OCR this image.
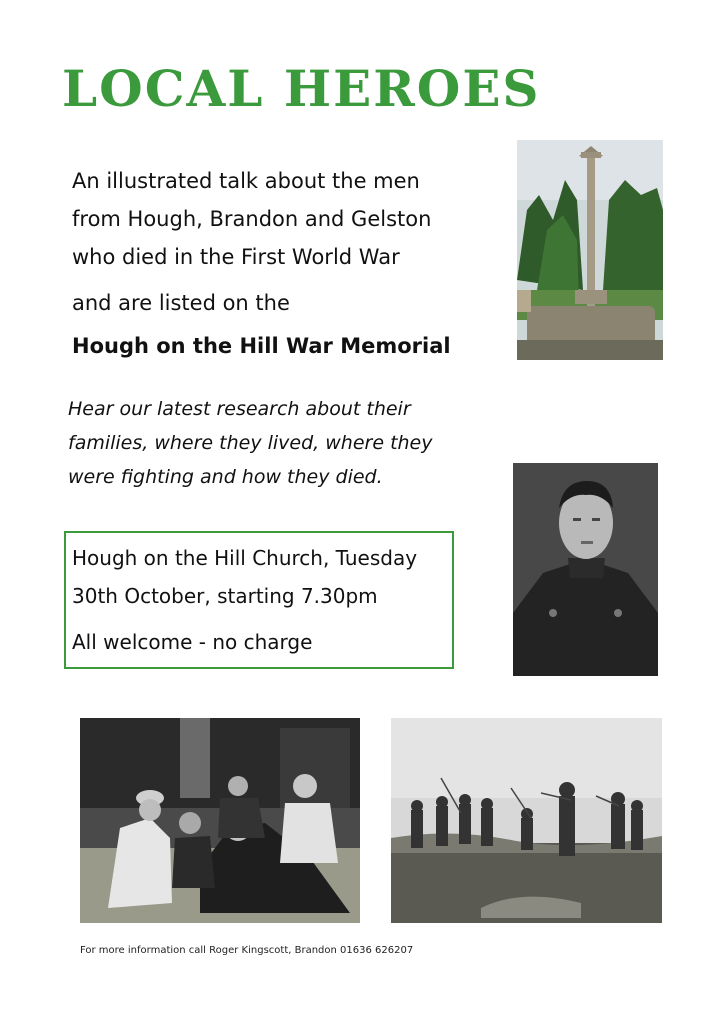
LOCAL HEROES
An illustrated talk about the men
from Hough, Brandon and Gelston
who died in the First World War
and are listed on the
Hough on the Hill War Memorial
Hear our latest research about their
families, where they lived, where they
were fighting and how they died.
Hough on the Hill Church, Tuesday
30th October, starting 7.30pm
All welcome - no charge
For more information call Roger Kingscott, Brandon 01636 626207
